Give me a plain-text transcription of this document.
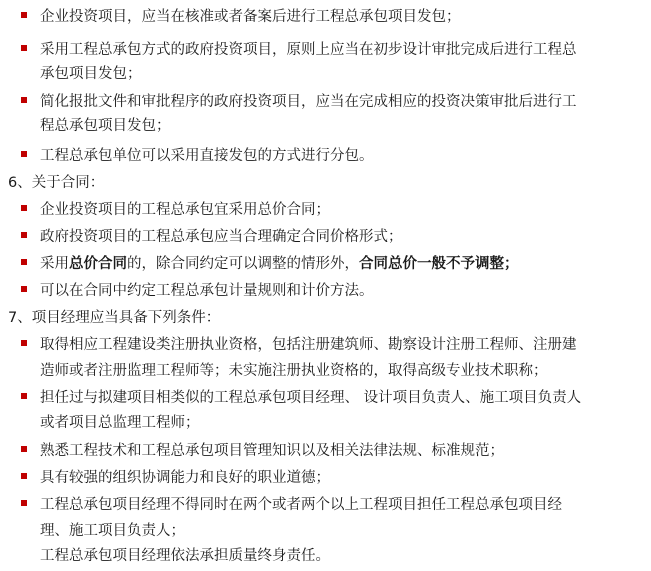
企业投资项目，应当在核准或者备案后进行工程总承包项目发包；
采用工程总承包方式的政府投资项目，原则上应当在初步设计审批完成后进行工程总
承包项目发包；
简化报批文件和审批程序的政府投资项目，应当在完成相应的投资决策审批后进行工
程总承包项目发包；
工程总承包单位可以采用直接发包的方式进行分包。
6、关于合同：
企业投资项目的工程总承包宜采用总价合同；
政府投资项目的工程总承包应当合理确定合同价格形式；
采用总价合同的，除合同约定可以调整的情形外，合同总价一般不予调整；
可以在合同中约定工程总承包计量规则和计价方法。
7、项目经理应当具备下列条件：
取得相应工程建设类注册执业资格，包括注册建筑师、勘察设计注册工程师、注册建
造师或者注册监理工程师等；未实施注册执业资格的，取得高级专业技术职称；
担任过与拟建项目相类似的工程总承包项目经理、 设计项目负责人、施工项目负责人
或者项目总监理工程师；
熟悉工程技术和工程总承包项目管理知识以及相关法律法规、标准规范；
具有较强的组织协调能力和良好的职业道德；
工程总承包项目经理不得同时在两个或者两个以上工程项目担任工程总承包项目经
理、施工项目负责人；
工程总承包项目经理依法承担质量终身责任。
